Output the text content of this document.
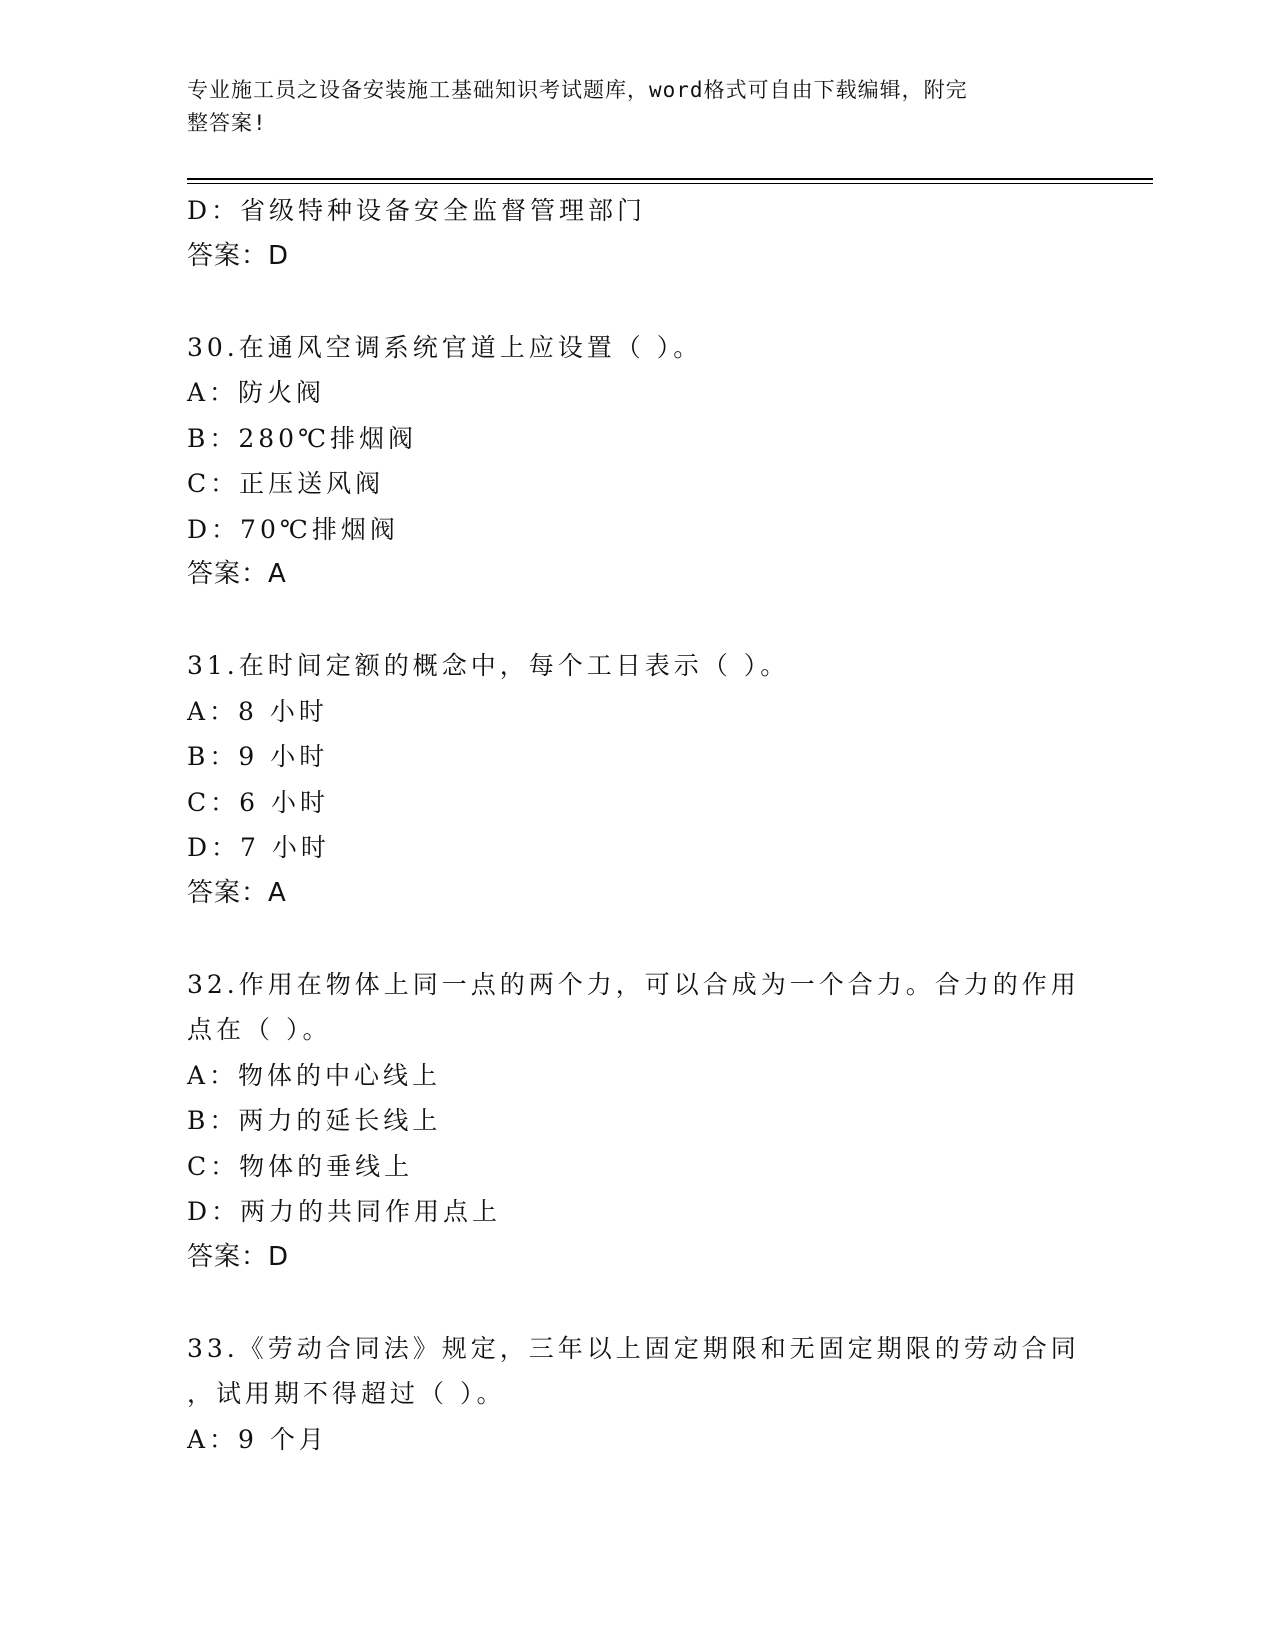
专业施工员之设备安装施工基础知识考试题库，word格式可自由下载编辑，附完
整答案!
D：省级特种设备安全监督管理部门
答案：D
30.在通风空调系统官道上应设置（ ）。
A：防火阀
B：280℃排烟阀
C：正压送风阀
D：70℃排烟阀
答案：A
31.在时间定额的概念中，每个工日表示（ ）。
A：8 小时
B：9 小时
C：6 小时
D：7 小时
答案：A
32.作用在物体上同一点的两个力，可以合成为一个合力。合力的作用
点在（ ）。
A：物体的中心线上
B：两力的延长线上
C：物体的垂线上
D：两力的共同作用点上
答案：D
33.《劳动合同法》规定，三年以上固定期限和无固定期限的劳动合同
，试用期不得超过（ ）。
A：9 个月
